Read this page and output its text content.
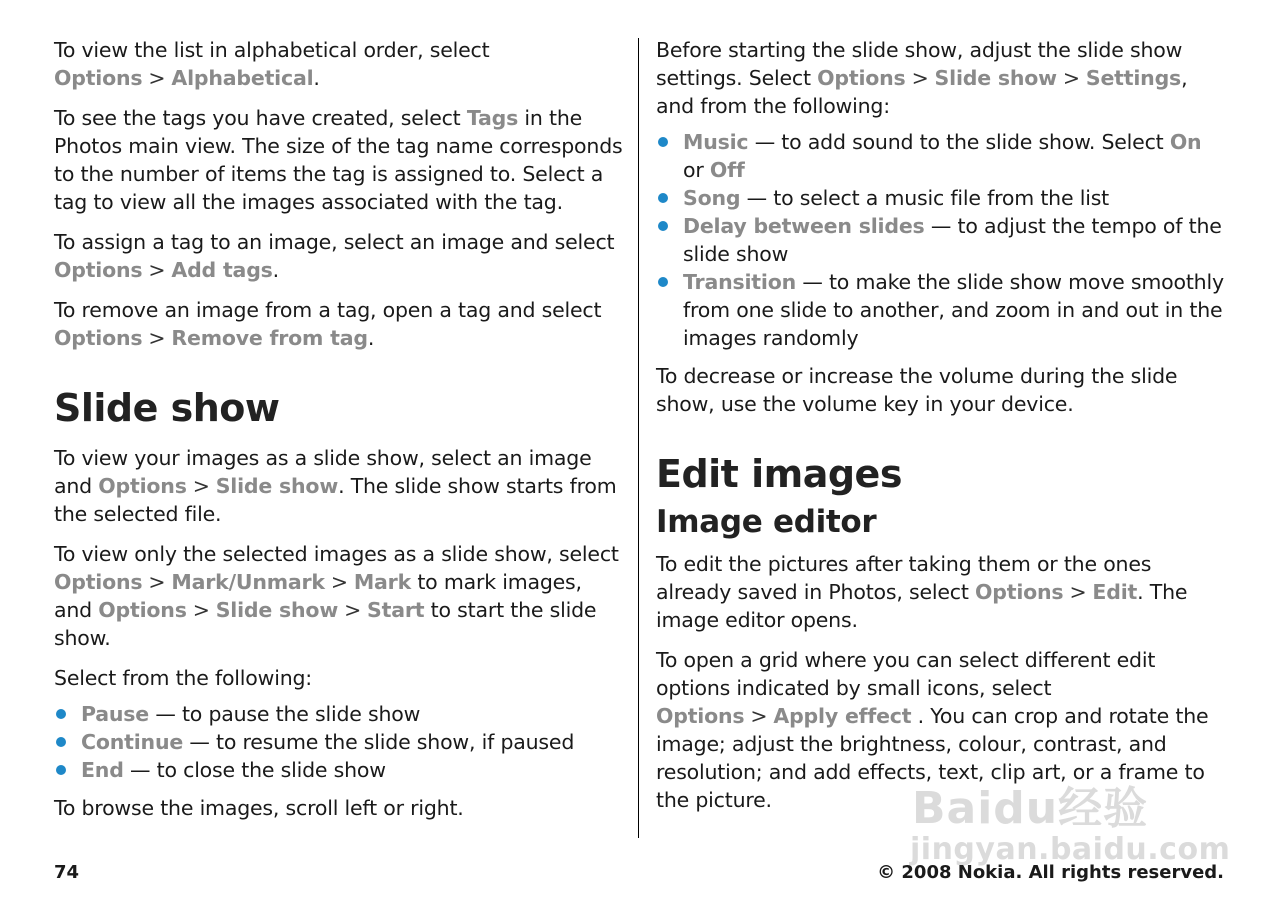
To view the list in alphabetical order, select Options > Alphabetical.

To see the tags you have created, select Tags in the Photos main view. The size of the tag name corresponds to the number of items the tag is assigned to. Select a tag to view all the images associated with the tag.

To assign a tag to an image, select an image and select Options > Add tags.

To remove an image from a tag, open a tag and select Options > Remove from tag.

Slide show

To view your images as a slide show, select an image and Options > Slide show. The slide show starts from the selected file.

To view only the selected images as a slide show, select Options > Mark/Unmark > Mark to mark images, and Options > Slide show > Start to start the slide show.

Select from the following:

Pause — to pause the slide show
Continue — to resume the slide show, if paused
End — to close the slide show

To browse the images, scroll left or right.

Before starting the slide show, adjust the slide show settings. Select Options > Slide show > Settings, and from the following:

Music — to add sound to the slide show. Select On or Off
Song — to select a music file from the list
Delay between slides — to adjust the tempo of the slide show
Transition — to make the slide show move smoothly from one slide to another, and zoom in and out in the images randomly

To decrease or increase the volume during the slide show, use the volume key in your device.

Edit images
Image editor

To edit the pictures after taking them or the ones already saved in Photos, select Options > Edit. The image editor opens.

To open a grid where you can select different edit options indicated by small icons, select Options > Apply effect . You can crop and rotate the image; adjust the brightness, colour, contrast, and resolution; and add effects, text, clip art, or a frame to the picture.	Baidu经验
jingyan.baidu.com
74	© 2008 Nokia. All rights reserved.
